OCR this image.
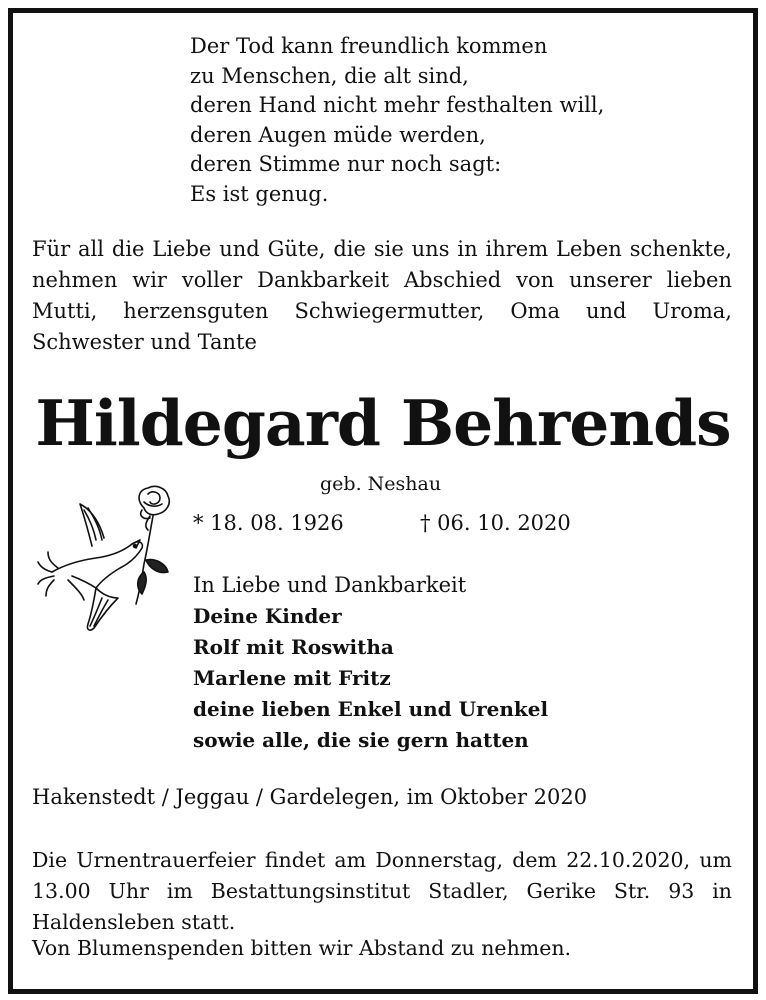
Der Tod kann freundlich kommen
zu Menschen, die alt sind,
deren Hand nicht mehr festhalten will,
deren Augen müde werden,
deren Stimme nur noch sagt:
Es ist genug.
Für all die Liebe und Güte, die sie uns in ihrem Leben schenkte, nehmen wir voller Dankbarkeit Abschied von unserer lieben Mutti, herzensguten Schwiegermutter, Oma und Uroma, Schwester und Tante
Hildegard Behrends
geb. Neshau
* 18. 08. 1926	† 06. 10. 2020
In Liebe und Dankbarkeit
Deine Kinder
Rolf mit Roswitha
Marlene mit Fritz
deine lieben Enkel und Urenkel
sowie alle, die sie gern hatten
Hakenstedt / Jeggau / Gardelegen, im Oktober 2020
Die Urnentrauerfeier findet am Donnerstag, dem 22.10.2020, um 13.00 Uhr im Bestattungsinstitut Stadler, Gerike Str. 93 in Haldensleben statt.
Von Blumenspenden bitten wir Abstand zu nehmen.
